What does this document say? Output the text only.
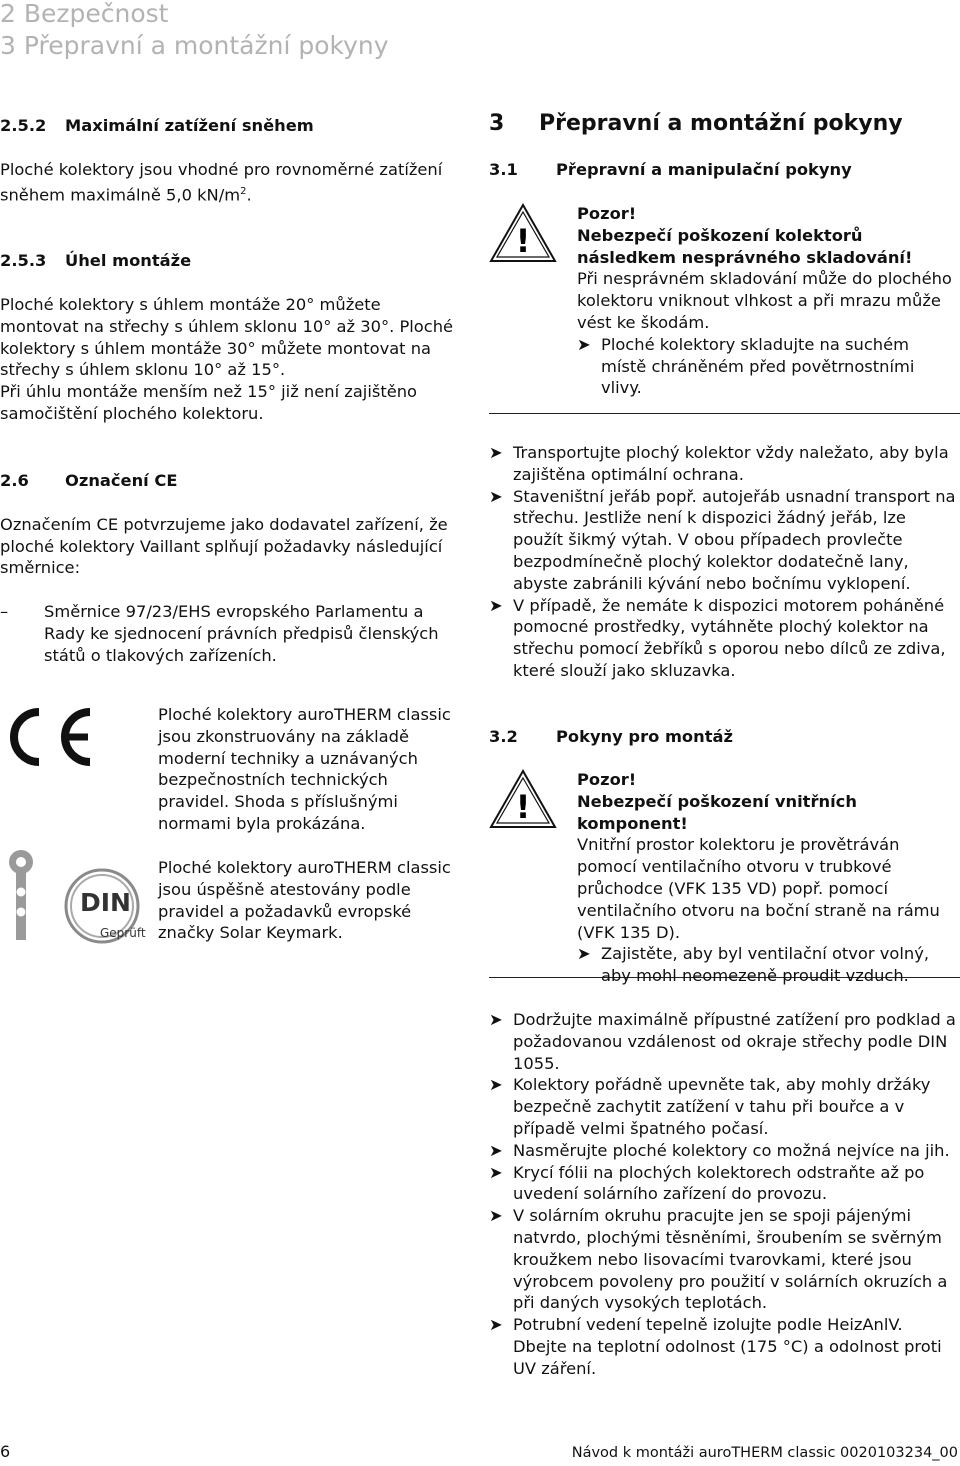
2 Bezpečnost
3 Přepravní a montážní pokyny
2.5.2 Maximální zatížení sněhem

Ploché kolektory jsou vhodné pro rovnoměrné zatížení sněhem maximálně 5,0 $kN/m^2$.

2.5.3 Úhel montáže

Ploché kolektory s úhlem montáže 20° můžete montovat na střechy s úhlem sklonu 10° až 30°. Ploché kolektory s úhlem montáže 30° můžete montovat na střechy s úhlem sklonu 10° až 15°.

Při úhlu montáže menším než 15° již není zajištěno samočištění plochého kolektoru.

2.6 Označení CE

Označením CE potvrzujeme jako dodavatel zařízení, že ploché kolektory Vaillant splňují požadavky následující směrnice:

– Směrnice 97/23/EHS evropského Parlamentu a Rady ke sjednocení právních předpisů členských států o tlakových zařízeních.
DIN
Geprüft

Ploché kolektory auroTHERM classic jsou zkonstruovány na základě moderní techniky a uznávaných bezpečnostních technických pravidel. Shoda s příslušnými normami byla prokázána.

Ploché kolektory auroTHERM classic jsou úspěšně atestovány podle pravidel a požadavků evropské značky Solar Keymark.

3 Přepravní a montážní pokyny
3.1 Přepravní a manipulační pokyny
!
Pozor!
Nebezpečí poškození kolektorů následkem nesprávného skladování!
Při nesprávném skladování může do plochého kolektoru vniknout vlhkost a při mrazu může vést ke škodám.
➤ Ploché kolektory skladujte na suchém místě chráněném před povětrnostními vlivy.
➤ Transportujte plochý kolektor vždy naležato, aby byla zajištěna optimální ochrana.
➤ Staveništní jeřáb popř. autojeřáb usnadní transport na střechu. Jestliže není k dispozici žádný jeřáb, lze použít šikmý výtah. V obou případech provlečte bezpodmínečně plochý kolektor dodatečně lany, abyste zabránili kývání nebo bočnímu vyklopení.
➤ V případě, že nemáte k dispozici motorem poháněné pomocné prostředky, vytáhněte plochý kolektor na střechu pomocí žebříků s oporou nebo dílců ze zdiva, které slouží jako skluzavka.
3.2 Pokyny pro montáž
!
Pozor!
Nebezpečí poškození vnitřních komponent!
Vnitřní prostor kolektoru je provětráván pomocí ventilačního otvoru v trubkové průchodce (VFK 135 VD) popř. pomocí ventilačního otvoru na boční straně na rámu (VFK 135 D).
➤ Zajistěte, aby byl ventilační otvor volný, aby mohl neomezeně proudit vzduch.
➤ Dodržujte maximálně přípustné zatížení pro podklad a požadovanou vzdálenost od okraje střechy podle DIN 1055.
➤ Kolektory pořádně upevněte tak, aby mohly držáky bezpečně zachytit zatížení v tahu při bouřce a v případě velmi špatného počasí.
➤ Nasměrujte ploché kolektory co možná nejvíce na jih.
➤ Krycí fólii na plochých kolektorech odstraňte až po uvedení solárního zařízení do provozu.
➤ V solárním okruhu pracujte jen se spoji pájenými natvrdo, plochými těsněními, šroubením se svěrným kroužkem nebo lisovacími tvarovkami, které jsou výrobcem povoleny pro použití v solárních okruzích a při daných vysokých teplotách.
➤ Potrubní vedení tepelně izolujte podle HeizAnlV. Dbejte na teplotní odolnost (175 °C) a odolnost proti UV záření.
6	Návod k montáži auroTHERM classic 0020103234_00
